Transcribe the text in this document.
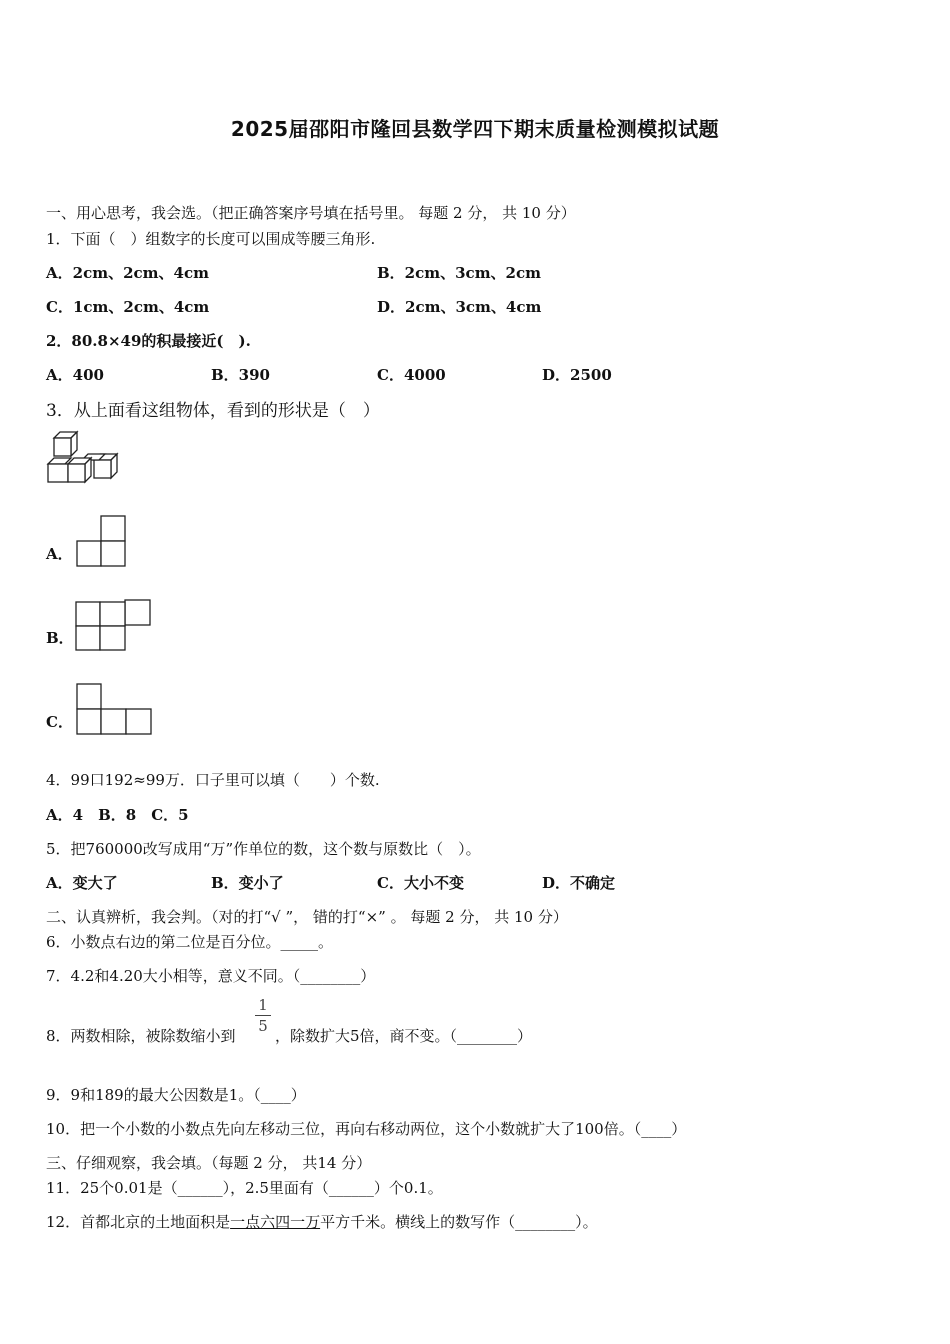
2025届邵阳市隆回县数学四下期末质量检测模拟试题
一、用心思考，我会选。（把正确答案序号填在括号里。 每题 2 分， 共 10 分）
1．下面（　）组数字的长度可以围成等腰三角形.
A．2cm、2cm、4cm	B．2cm、3cm、2cm
C．1cm、2cm、4cm	D．2cm、3cm、4cm
2．80.8×49的积最接近(　).
A．400	B．390	C．4000	D．2500
3．从上面看这组物体，看到的形状是（　）
A．
B．
C．
4．99口192≈99万．口子里可以填（　　）个数.
A．4　B．8　C．5
5．把760000改写成用“万”作单位的数，这个数与原数比（　）。
A．变大了	B．变小了	C．大小不变	D．不确定
二、认真辨析，我会判。（对的打“√ ”， 错的打“×” 。 每题 2 分， 共 10 分）
6．小数点右边的第二位是百分位。_____。
7．4.2和4.20大小相等，意义不同。（________）
8．两数相除，被除数缩小到
1
5
，除数扩大5倍，商不变。（________）
9．9和189的最大公因数是1。（____）
10．把一个小数的小数点先向左移动三位，再向右移动两位，这个小数就扩大了100倍。（____）
三、仔细观察，我会填。（每题 2 分， 共14 分）
11．25个0.01是（______），2.5里面有（______）个0.1。
12．首都北京的土地面积是一点六四一万平方千米。横线上的数写作（________）。
